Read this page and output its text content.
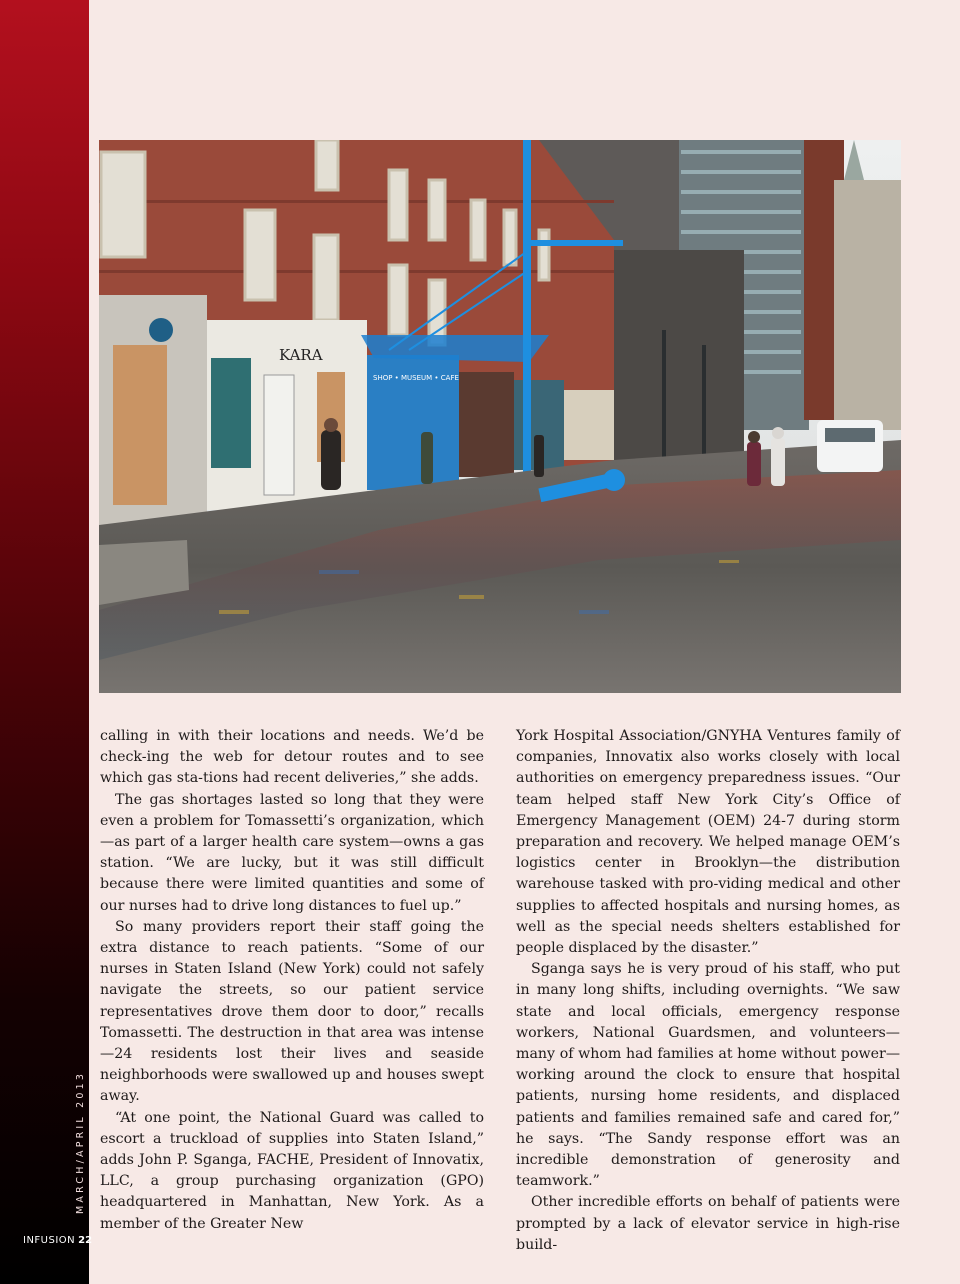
MARCH/APRIL 2013
INFUSION 22
KARA
SHOP • MUSEUM • CAFE

calling in with their locations and needs. We’d be check-ing the web for detour routes and to see which gas sta-tions had recent deliveries,” she adds.

The gas shortages lasted so long that they were even a problem for Tomassetti’s organization, which—as part of a larger health care system—owns a gas station. “We are lucky, but it was still difficult because there were limited quantities and some of our nurses had to drive long distances to fuel up.”

So many providers report their staff going the extra distance to reach patients. “Some of our nurses in Staten Island (New York) could not safely navigate the streets, so our patient service representatives drove them door to door,” recalls Tomassetti. The destruction in that area was intense—24 residents lost their lives and seaside neighborhoods were swallowed up and houses swept away.

“At one point, the National Guard was called to escort a truckload of supplies into Staten Island,” adds John P. Sganga, FACHE, President of Innovatix, LLC, a group purchasing organization (GPO) headquartered in Manhattan, New York. As a member of the Greater New

York Hospital Association/GNYHA Ventures family of companies, Innovatix also works closely with local authorities on emergency preparedness issues. “Our team helped staff New York City’s Office of Emergency Management (OEM) 24-7 during storm preparation and recovery. We helped manage OEM’s logistics center in Brooklyn—the distribution warehouse tasked with pro-viding medical and other supplies to affected hospitals and nursing homes, as well as the special needs shelters established for people displaced by the disaster.”

Sganga says he is very proud of his staff, who put in many long shifts, including overnights. “We saw state and local officials, emergency response workers, National Guardsmen, and volunteers—many of whom had families at home without power—working around the clock to ensure that hospital patients, nursing home residents, and displaced patients and families remained safe and cared for,” he says. “The Sandy response effort was an incredible demonstration of generosity and teamwork.”

Other incredible efforts on behalf of patients were prompted by a lack of elevator service in high-rise build-
